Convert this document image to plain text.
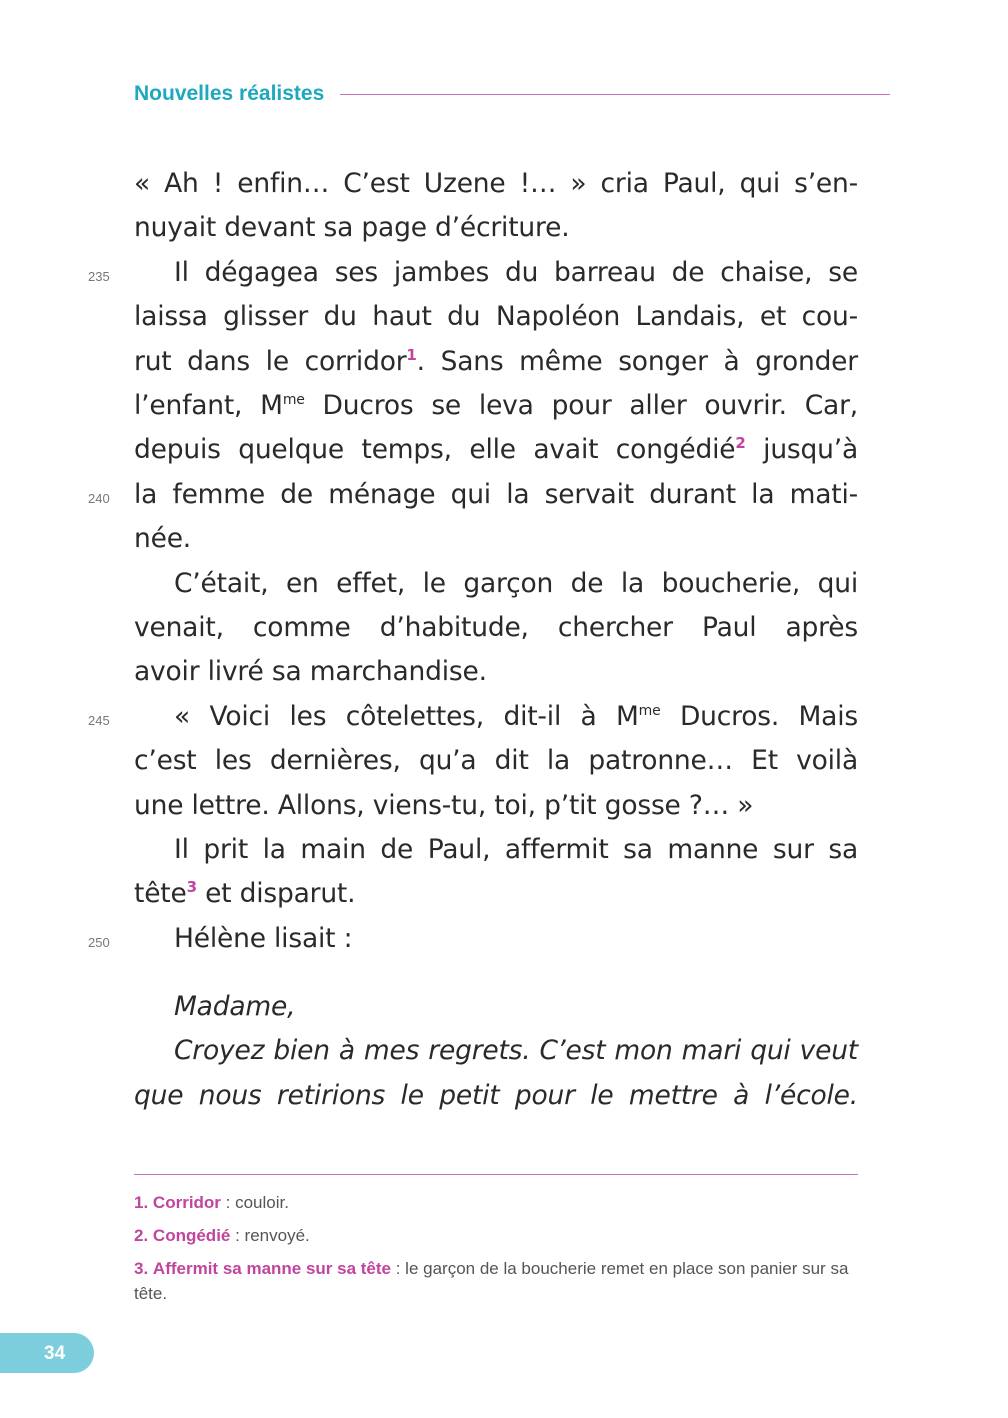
Nouvelles réalistes
« Ah ! enfin… C’est Uzene !… » cria Paul, qui s’en-
nuyait devant sa page d’écriture.
Il dégagea ses jambes du barreau de chaise, se
laissa glisser du haut du Napoléon Landais, et cou-
rut dans le corridor$^1$. Sans même songer à gronder
l’enfant, $M^{me}$ Ducros se leva pour aller ouvrir. Car,
depuis quelque temps, elle avait congédié$^2$ jusqu’à
la femme de ménage qui la servait durant la mati-
née.
C’était, en effet, le garçon de la boucherie, qui
venait, comme d’habitude, chercher Paul après
avoir livré sa marchandise.
« Voici les côtelettes, dit-il à $M^{me}$ Ducros. Mais
c’est les dernières, qu’a dit la patronne… Et voilà
une lettre. Allons, viens-tu, toi, p’tit gosse ?… »
Il prit la main de Paul, affermit sa manne sur sa
tête$^3$ et disparut.
Hélène lisait :
Madame,
Croyez bien à mes regrets. C’est mon mari qui veut
que nous retirions le petit pour le mettre à l’école.
235
240
245
250
1. Corridor : couloir.
2. Congédié : renvoyé.
3. Affermit sa manne sur sa tête : le garçon de la boucherie remet en place son panier sur sa tête.
34
